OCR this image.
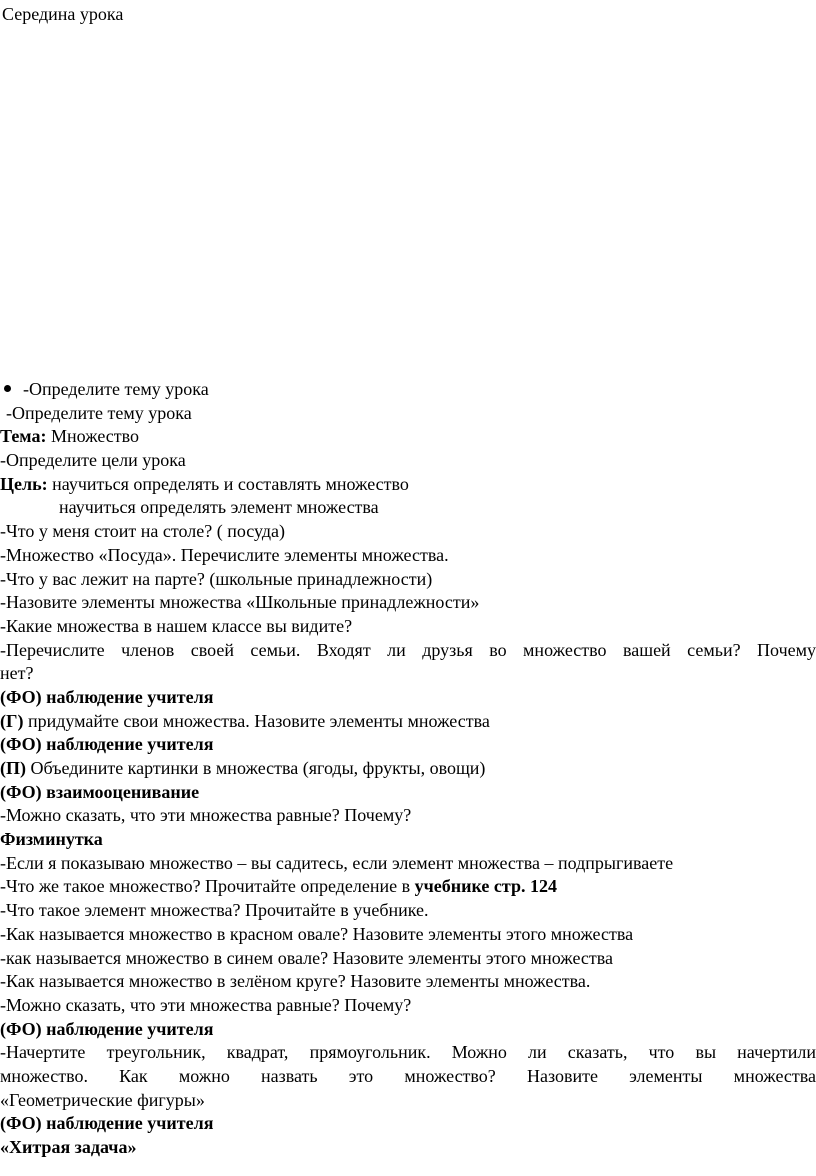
Середина урока
-Определите тему урока
-Определите тему урока
Тема: Множество
-Определите цели урока
Цель: научиться определять и составлять множество
научиться определять элемент множества
-Что у меня стоит на столе? ( посуда)
-Множество «Посуда». Перечислите элементы множества.
-Что у вас лежит на парте? (школьные принадлежности)
-Назовите элементы множества «Школьные принадлежности»
-Какие множества в нашем классе вы видите?
-Перечислите членов своей семьи. Входят ли друзья во множество вашей семьи? Почему
нет?
(ФО) наблюдение учителя
(Г) придумайте свои множества. Назовите элементы множества
(ФО) наблюдение учителя
(П) Объедините картинки в множества (ягоды, фрукты, овощи)
(ФО) взаимооценивание
-Можно сказать, что эти множества равные? Почему?
Физминутка
-Если я показываю множество – вы садитесь, если элемент множества – подпрыгиваете
-Что же такое множество? Прочитайте определение в учебнике стр. 124
-Что такое элемент множества? Прочитайте в учебнике.
-Как называется множество в красном овале? Назовите элементы этого множества
-как называется множество в синем овале? Назовите элементы этого множества
-Как называется множество в зелёном круге? Назовите элементы множества.
-Можно сказать, что эти множества равные? Почему?
(ФО) наблюдение учителя
-Начертите треугольник, квадрат, прямоугольник. Можно ли сказать, что вы начертили
множество. Как можно назвать это множество? Назовите элементы множества
«Геометрические фигуры»
(ФО) наблюдение учителя
«Хитрая задача»
